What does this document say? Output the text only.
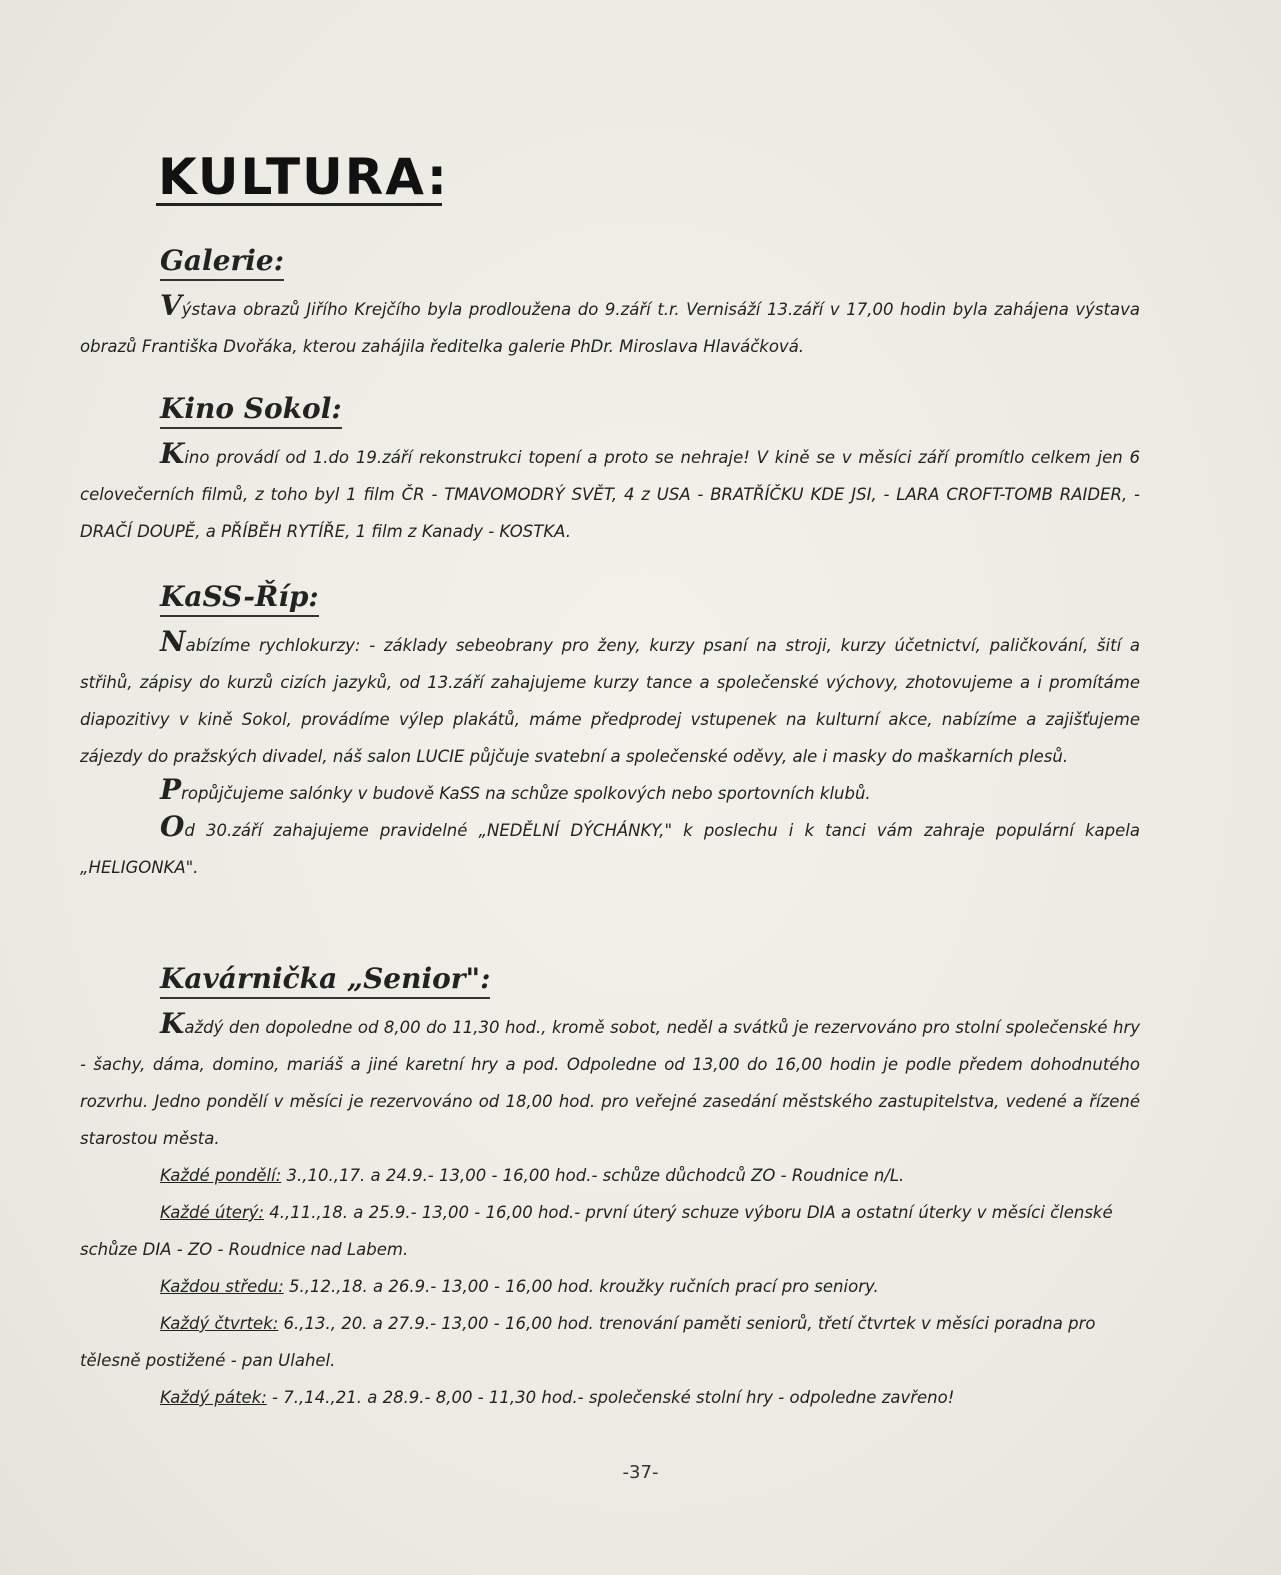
KULTURA:
Galerie:

Výstava obrazů Jiřího Krejčího byla prodloužena do 9.září t.r. Vernisáží 13.září v 17,00 hodin byla zahájena výstava obrazů Františka Dvořáka, kterou zahájila ředitelka galerie PhDr. Miroslava Hlaváčková.

Kino Sokol:

Kino provádí od 1.do 19.září rekonstrukci topení a proto se nehraje! V kině se v měsíci září promítlo celkem jen 6 celovečerních filmů, z toho byl 1 film ČR - TMAVOMODRÝ SVĚT, 4 z USA - BRATŘÍČKU KDE JSI, - LARA CROFT-TOMB RAIDER, - DRAČÍ DOUPĚ, a PŘÍBĚH RYTÍŘE, 1 film z Kanady - KOSTKA.

KaSS-Říp:

Nabízíme rychlokurzy: - základy sebeobrany pro ženy, kurzy psaní na stroji, kurzy účetnictví, paličkování, šití a střihů, zápisy do kurzů cizích jazyků, od 13.září zahajujeme kurzy tance a společenské výchovy, zhotovujeme a i promítáme diapozitivy v kině Sokol, provádíme výlep plakátů, máme předprodej vstupenek na kulturní akce, nabízíme a zajišťujeme zájezdy do pražských divadel, náš salon LUCIE půjčuje svatební a společenské oděvy, ale i masky do maškarních plesů.

Propůjčujeme salónky v budově KaSS na schůze spolkových nebo sportovních klubů.

Od 30.září zahajujeme pravidelné „NEDĚLNÍ DÝCHÁNKY," k poslechu i k tanci vám zahraje populární kapela „HELIGONKA".

Kavárnička „Senior":

Každý den dopoledne od 8,00 do 11,30 hod., kromě sobot, neděl a svátků je rezervováno pro stolní společenské hry - šachy, dáma, domino, mariáš a jiné karetní hry a pod. Odpoledne od 13,00 do 16,00 hodin je podle předem dohodnutého rozvrhu. Jedno pondělí v měsíci je rezervováno od 18,00 hod. pro veřejné zasedání městského zastupitelstva, vedené a řízené starostou města.

Každé pondělí: 3.,10.,17. a 24.9.- 13,00 - 16,00 hod.- schůze důchodců ZO - Roudnice n/L.

Každé úterý: 4.,11.,18. a 25.9.- 13,00 - 16,00 hod.- první úterý schuze výboru DIA a ostatní úterky v měsíci členské schůze DIA - ZO - Roudnice nad Labem.

Každou středu: 5.,12.,18. a 26.9.- 13,00 - 16,00 hod. kroužky ručních prací pro seniory.

Každý čtvrtek: 6.,13., 20. a 27.9.- 13,00 - 16,00 hod. trenování paměti seniorů, třetí čtvrtek v měsíci poradna pro tělesně postižené - pan Ulahel.

Každý pátek: - 7.,14.,21. a 28.9.- 8,00 - 11,30 hod.- společenské stolní hry - odpoledne zavřeno!

-37-
